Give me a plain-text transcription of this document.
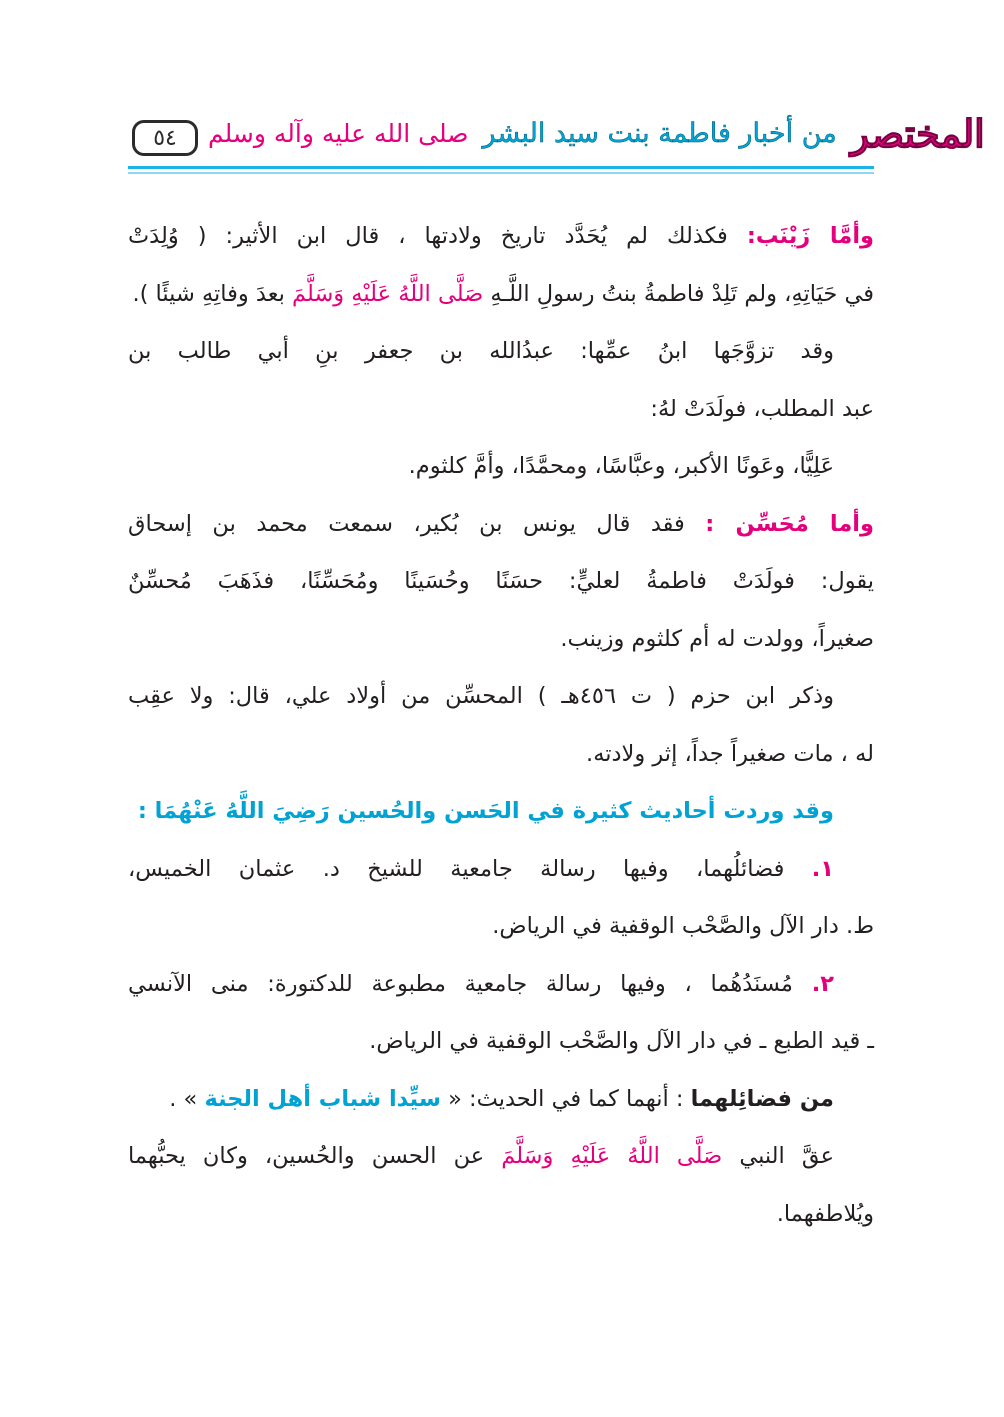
٥٤	المختصر
من أخبار فاطمة بنت سيد البشر
صلى الله عليه وآله وسلم
وأمَّا زَيْنَب: فكذلك لم يُحَدَّد تاريخ ولادتها ، قال ابن الأثير: ( وُلِدَتْ
في حَيَاتِهِ، ولم تَلِدْ فاطمةُ بنتُ رسولِ اللَّـهِ صَلَّى اللَّهُ عَلَيْهِ وَسَلَّمَ بعدَ وفاتِهِ شيئًا ).
وقد تزوَّجَها ابنُ عمِّها: عبدُالله بن جعفر بنِ أبي طالب بن
عبد المطلب، فولَدَتْ لهُ:
عَلِيًّا، وعَونًا الأكبر، وعبَّاسًا، ومحمَّدًا، وأمَّ كلثوم.
وأما مُحَسِّن : فقد قال يونس بن بُكير، سمعت محمد بن إسحاق
يقول: فولَدَتْ فاطمةُ لعليٍّ: حسَنًا وحُسَينًا ومُحَسِّنًا، فذَهَبَ مُحسِّنٌ
صغيراً، وولدت له أم كلثوم وزينب.
وذكر ابن حزم ( ت ٤٥٦هـ ) المحسِّن من أولاد علي، قال: ولا عقِب
له ، مات صغيراً جداً، إثر ولادته.
وقد وردت أحاديث كثيرة في الحَسن والحُسين رَضِيَ اللَّهُ عَنْهُمَا :
١. فضائلُهما، وفيها رسالة جامعية للشيخ د. عثمان الخميس،
ط. دار الآل والصَّحْب الوقفية في الرياض.
٢. مُسنَدُهُما ، وفيها رسالة جامعية مطبوعة للدكتورة: منى الآنسي
ـ قيد الطبع ـ في دار الآل والصَّحْب الوقفية في الرياض.
من فضائِلهما : أنهما كما في الحديث: « سيِّدا شباب أهل الجنة » .
عقَّ النبي صَلَّى اللَّهُ عَلَيْهِ وَسَلَّمَ عن الحسن والحُسين، وكان يحبُّهما
ويُلاطفهما.
